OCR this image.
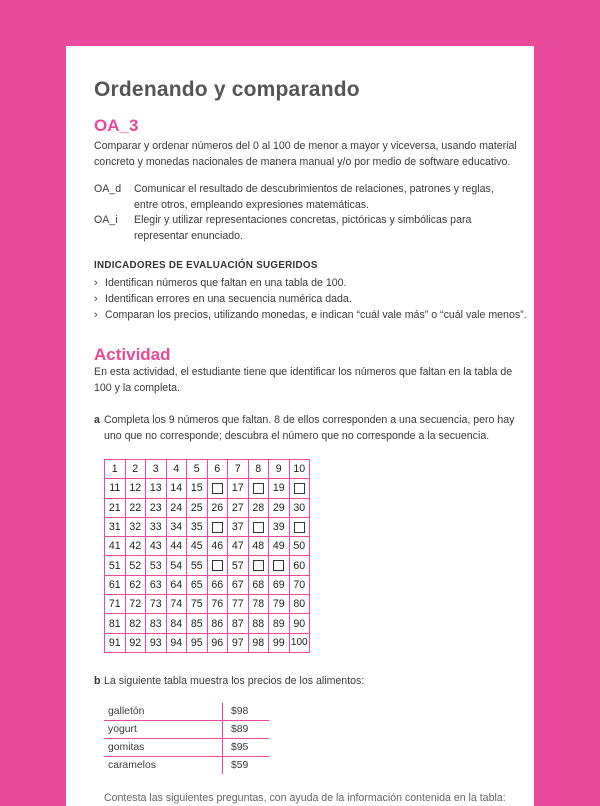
Ordenando y comparando
OA_3
Comparar y ordenar números del 0 al 100 de menor a mayor y viceversa, usando material concreto y monedas nacionales de manera manual y/o por medio de software educativo.
OA_d	Comunicar el resultado de descubrimientos de relaciones, patrones y reglas, entre otros, empleando expresiones matemáticas.
OA_i	Elegir y utilizar representaciones concretas, pictóricas y simbólicas para representar enunciado.
INDICADORES DE EVALUACIÓN SUGERIDOS
› Identifican números que faltan en una tabla de 100.
› Identifican errores en una secuencia numérica dada.
› Comparan los precios, utilizando monedas, e indican “cuál vale más” o “cuál vale menos”.
Actividad
En esta actividad, el estudiante tiene que identificar los números que faltan en la tabla de 100 y la completa.
a Completa los 9 números que faltan. 8 de ellos corresponden a una secuencia, pero hay uno que no corresponde; descubra el número que no corresponde a la secuencia.
1	2	3	4	5	6	7	8	9	10
11	12	13	14	15		17		19	
21	22	23	24	25	26	27	28	29	30
31	32	33	34	35		37		39	
41	42	43	44	45	46	47	48	49	50
51	52	53	54	55		57			60
61	62	63	64	65	66	67	68	69	70
71	72	73	74	75	76	77	78	79	80
81	82	83	84	85	86	87	88	89	90
91	92	93	94	95	96	97	98	99	100
b La siguiente tabla muestra los precios de los alimentos:
galletón	$98
yogurt	$89
gomitas	$95
caramelos	$59
Contesta las siguientes preguntas, con ayuda de la información contenida en la tabla:
